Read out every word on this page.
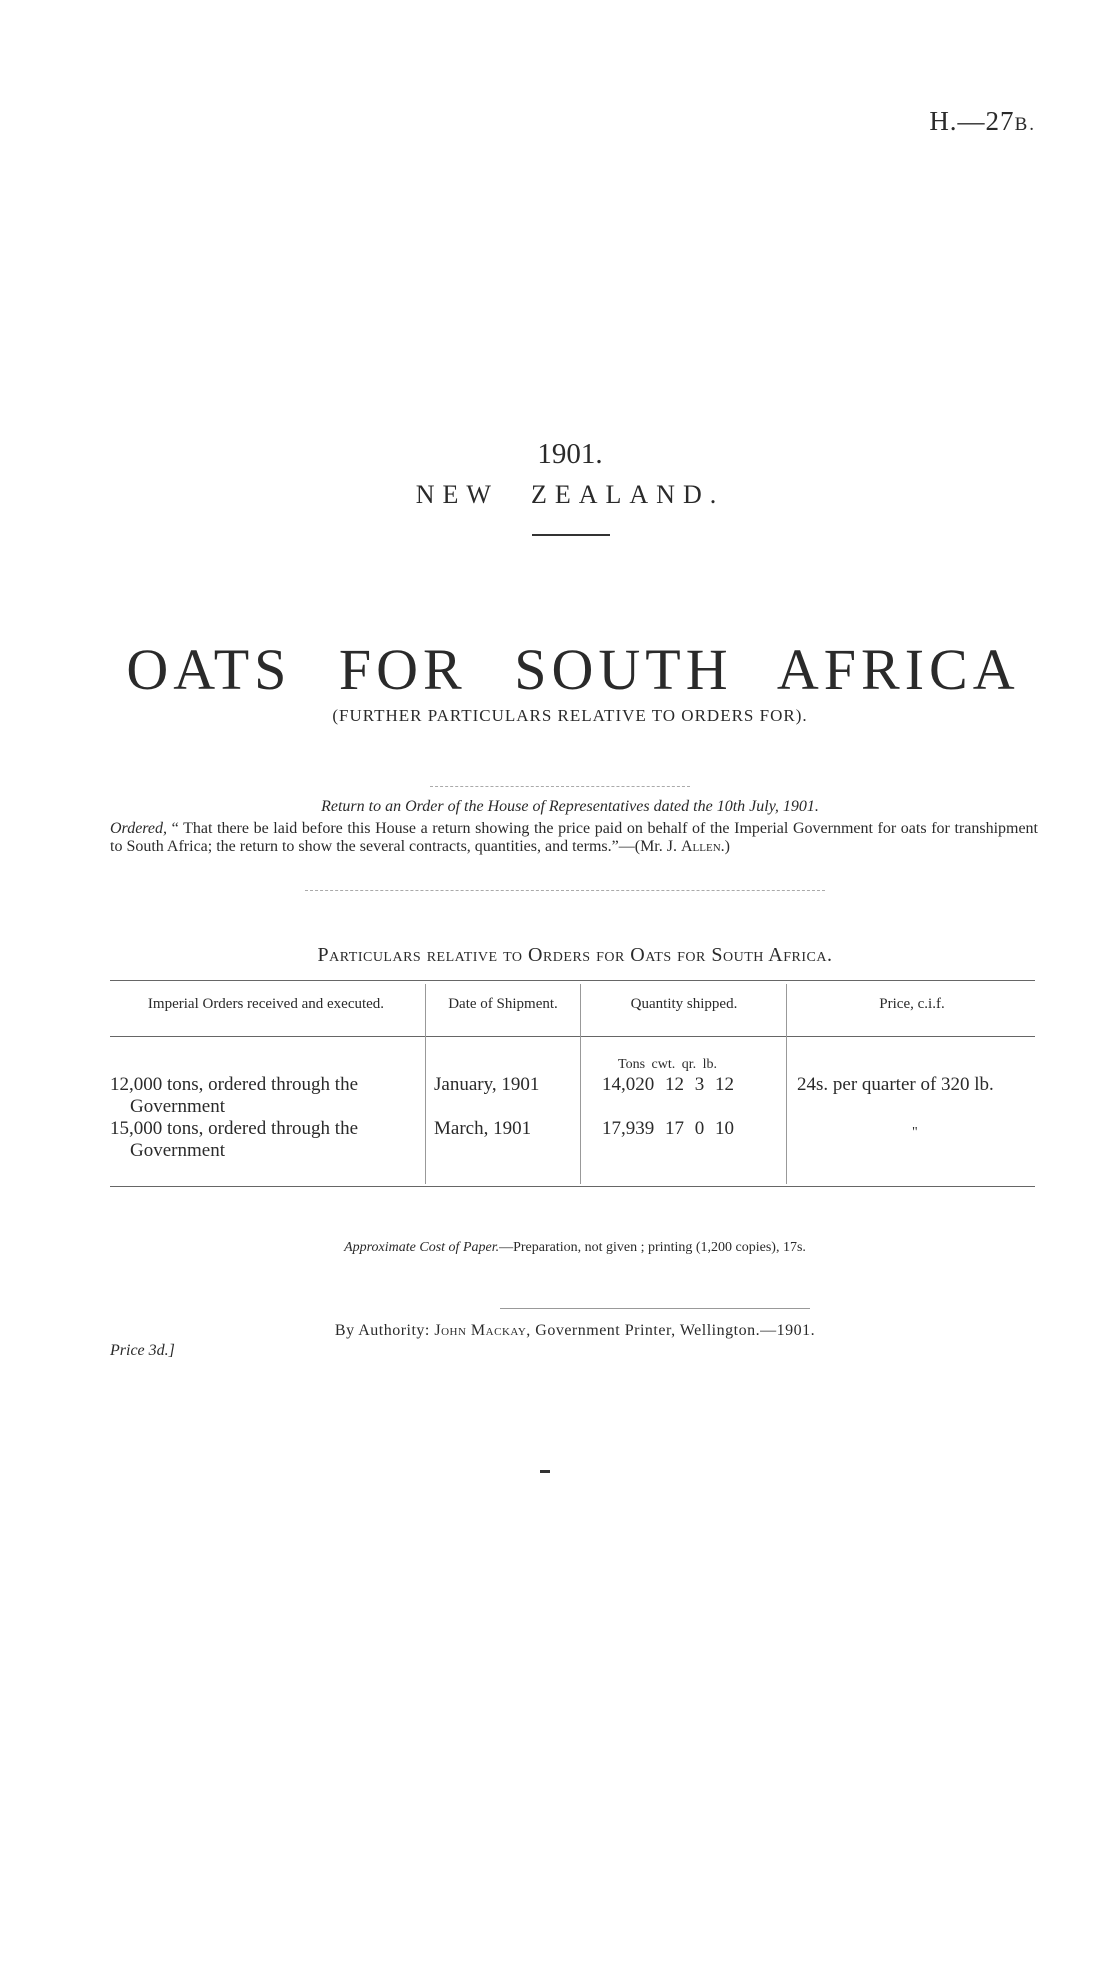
H.—27B.
1901.
NEW ZEALAND.
OATS FOR SOUTH AFRICA
(FURTHER PARTICULARS RELATIVE TO ORDERS FOR).
Return to an Order of the House of Representatives dated the 10th July, 1901.
Ordered, “ That there be laid before this House a return showing the price paid on behalf of the Imperial Government for oats for transhipment to South Africa; the return to show the several contracts, quantities, and terms.”—(Mr. J. Allen.)
Particulars relative to Orders for Oats for South Africa.
Imperial Orders received and executed.	Date of Shipment.	Quantity shipped.	Price, c.i.f.
Tons cwt. qr. lb.
12,000 tons, ordered through the
Government
January, 1901	14,020 12 3 12	24s. per quarter of 320 lb.
15,000 tons, ordered through the
Government
March, 1901	17,939 17 0 10	"
Approximate Cost of Paper.—Preparation, not given ; printing (1,200 copies), 17s.
By Authority: John Mackay, Government Printer, Wellington.—1901.
Price 3d.]
